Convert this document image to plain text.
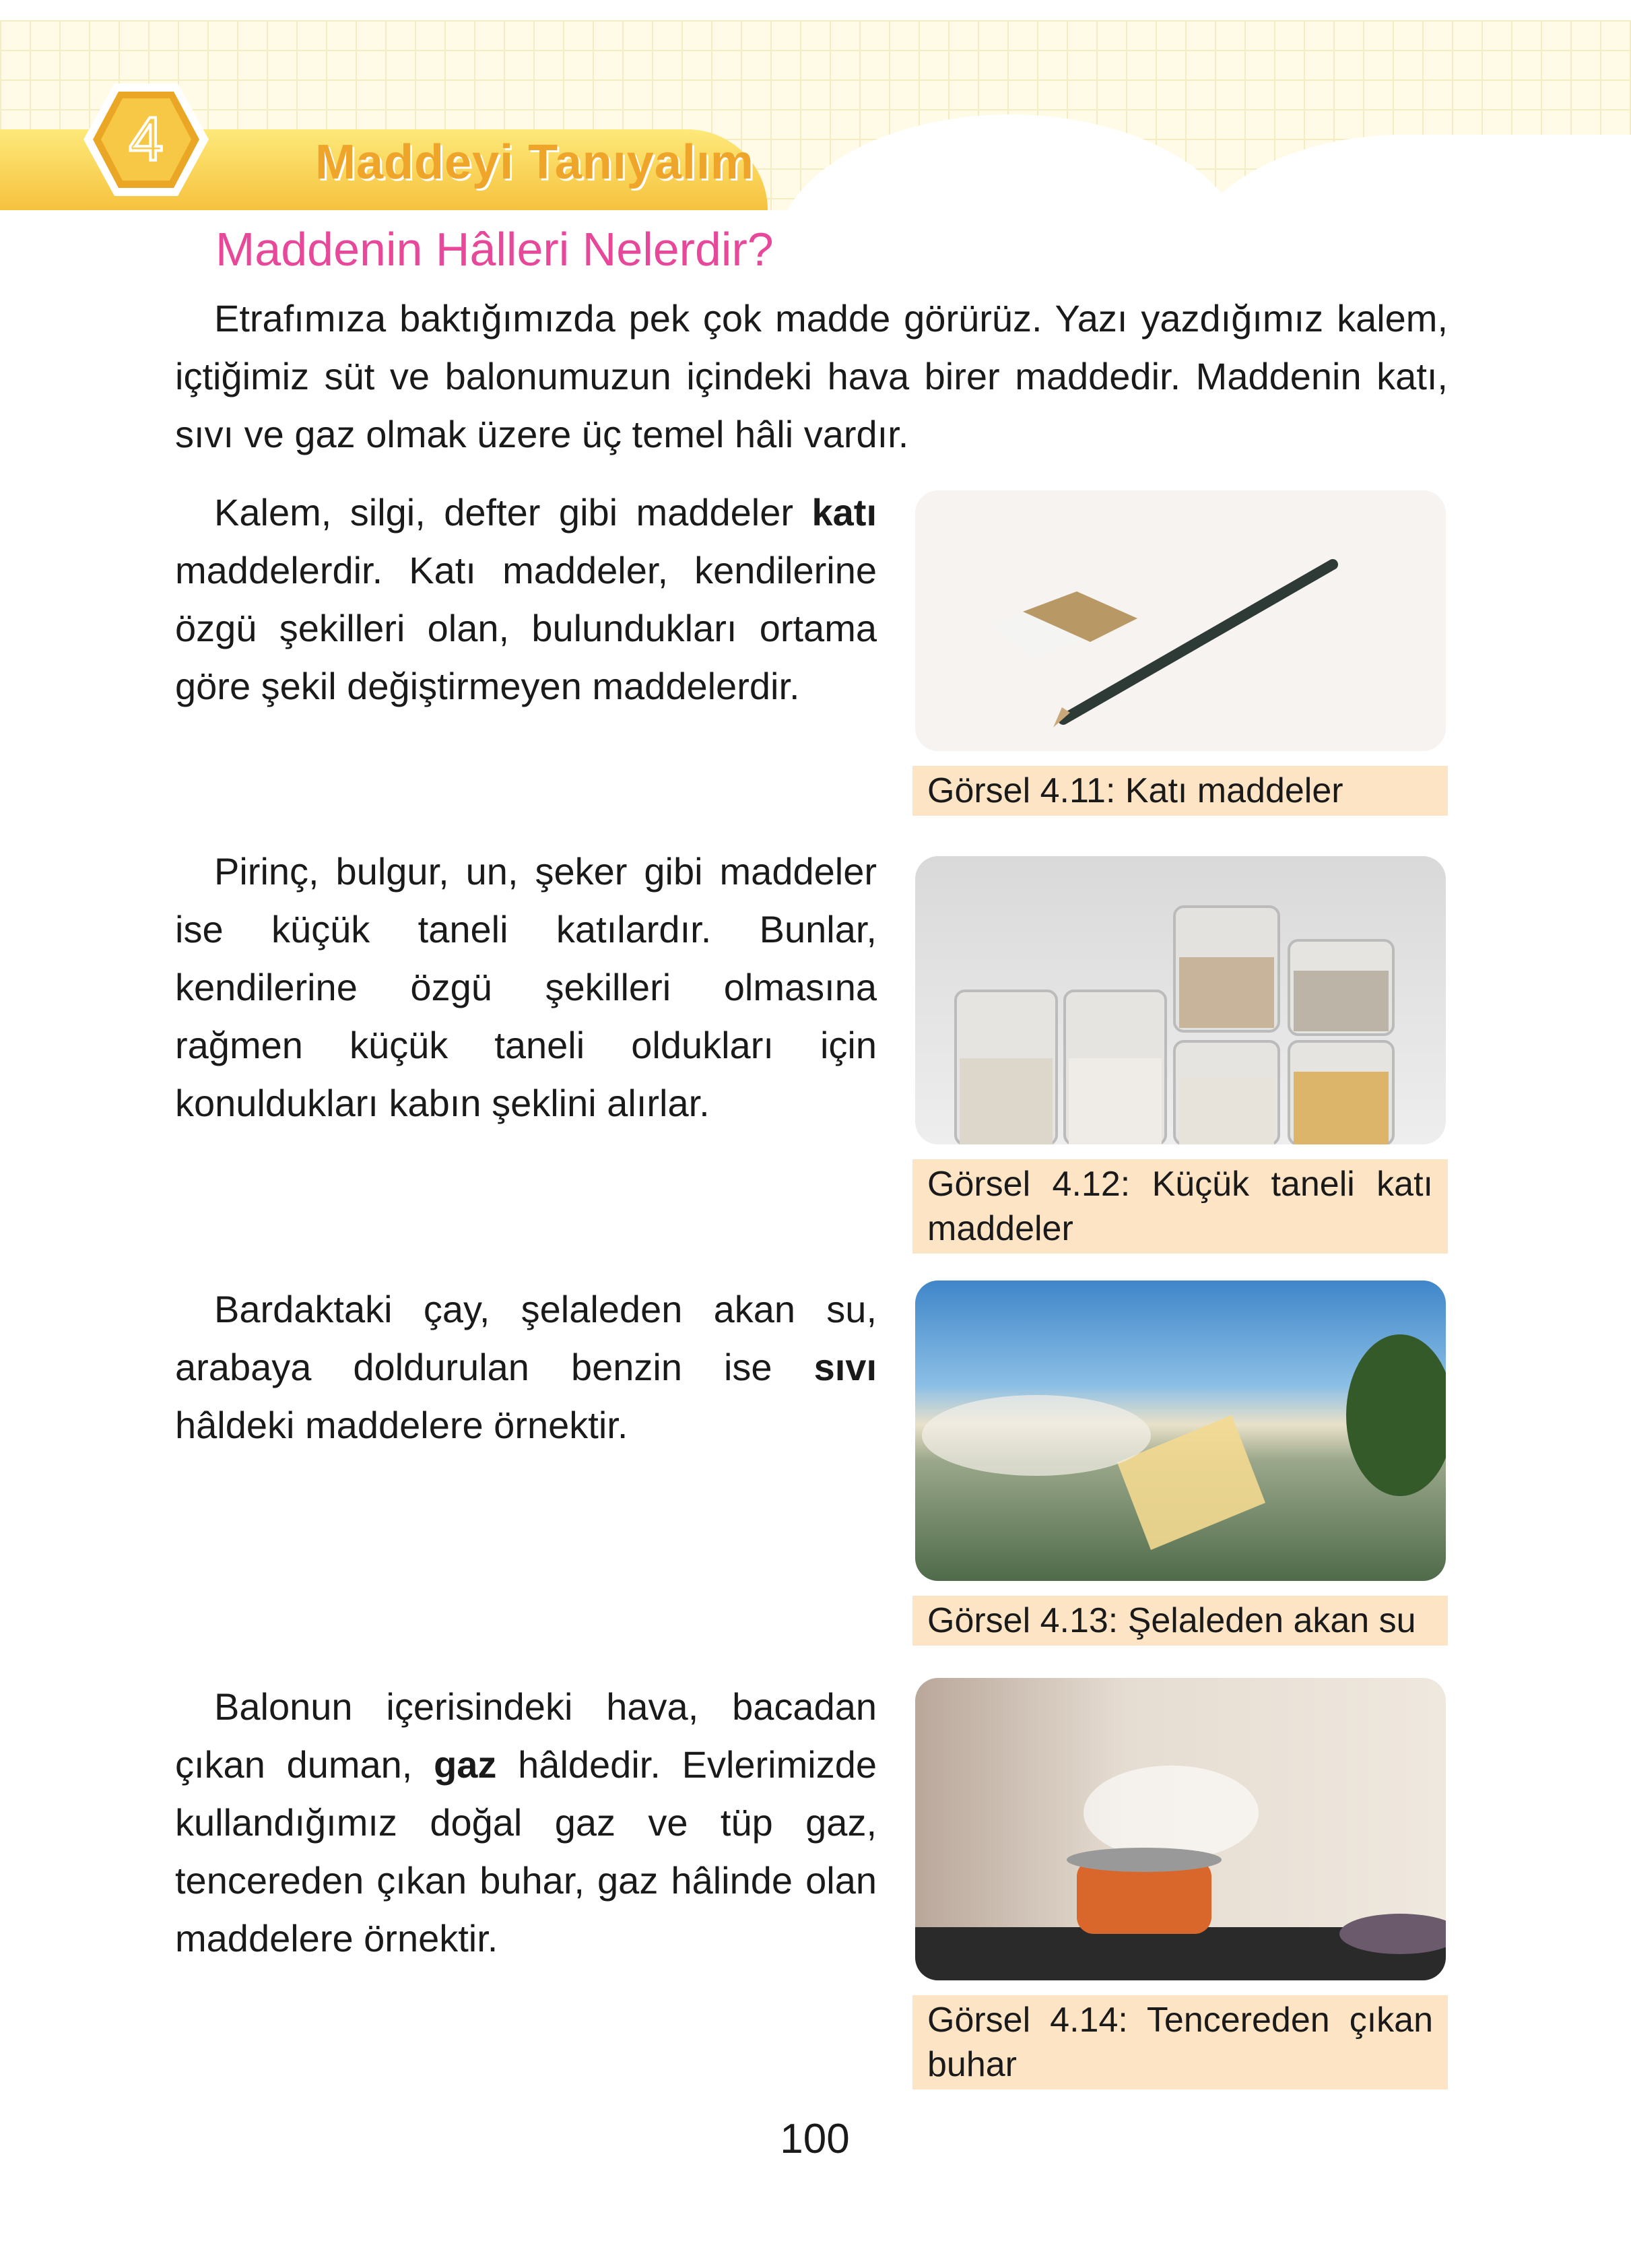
4	Maddeyi Tanıyalım
Maddenin Hâlleri Nelerdir?

Etrafımıza baktığımızda pek çok madde görürüz. Yazı yazdığımız kalem, içtiğimiz süt ve balonumuzun içindeki hava birer maddedir. Maddenin katı, sıvı ve gaz olmak üzere üç temel hâli vardır.

Kalem, silgi, defter gibi maddeler katı maddelerdir. Katı maddeler, kendilerine özgü şekilleri olan, bulundukları ortama göre şekil değiştirmeyen maddelerdir.

Görsel 4.11: Katı maddeler

Pirinç, bulgur, un, şeker gibi maddeler ise küçük taneli katılardır. Bunlar, kendilerine özgü şekilleri olmasına rağmen küçük taneli oldukları için konuldukları kabın şeklini alırlar.

Görsel 4.12: Küçük taneli katı maddeler

Bardaktaki çay, şelaleden akan su, arabaya doldurulan benzin ise sıvı hâldeki maddelere örnektir.

Görsel 4.13: Şelaleden akan su

Balonun içerisindeki hava, bacadan çıkan duman, gaz hâldedir. Evlerimizde kullandığımız doğal gaz ve tüp gaz, tencereden çıkan buhar, gaz hâlinde olan maddelere örnektir.

Görsel 4.14: Tencereden çıkan buhar
100
